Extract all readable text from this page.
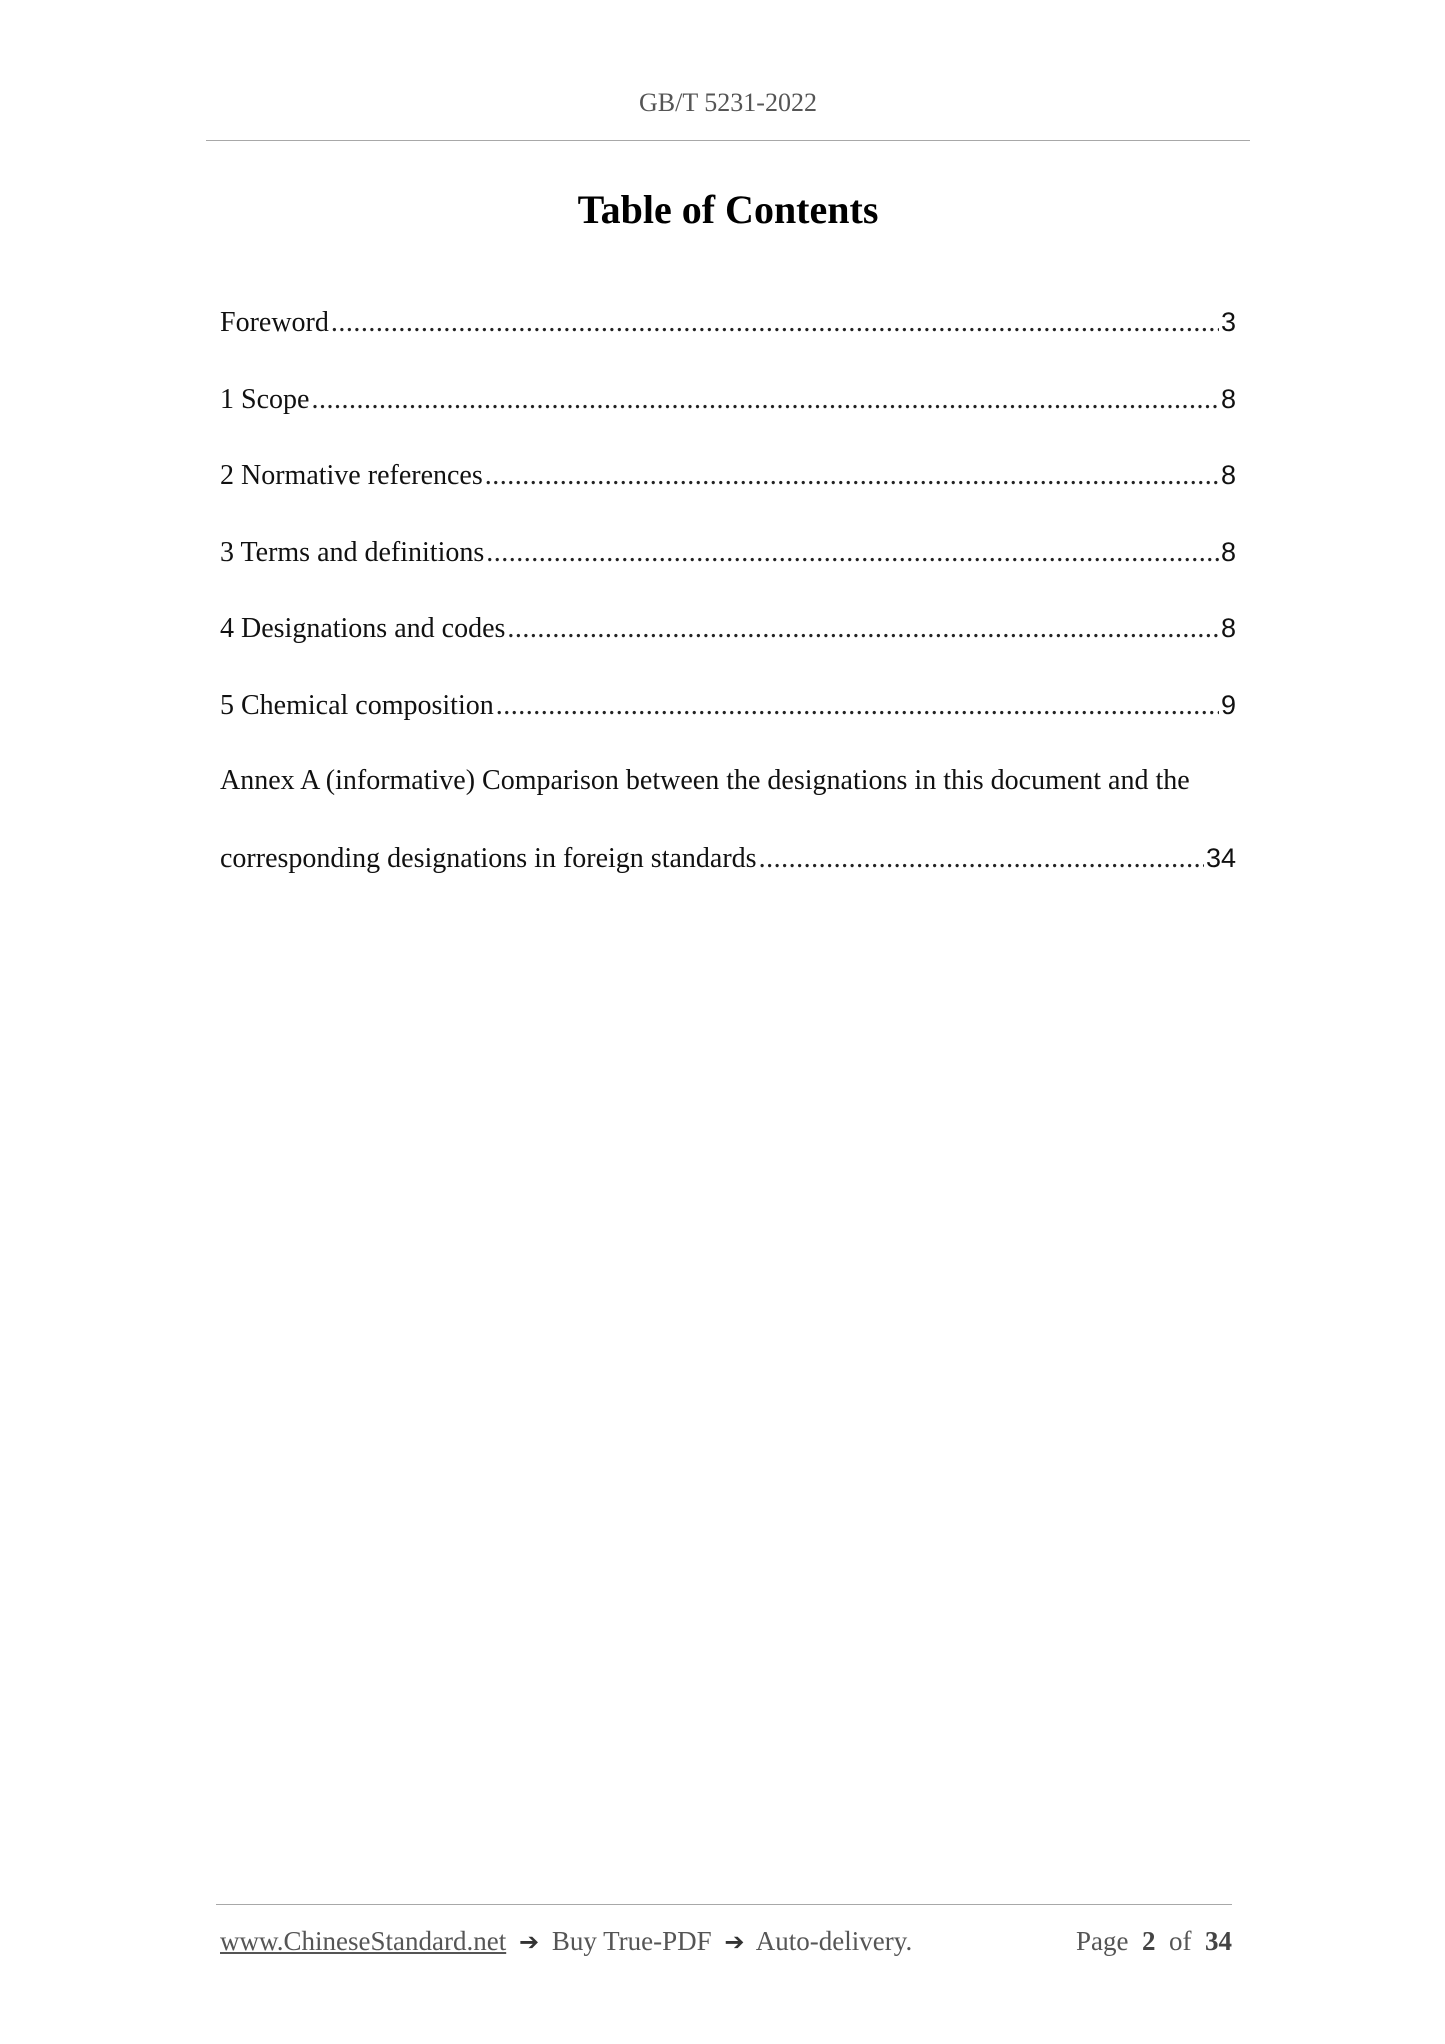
GB/T 5231-2022
Table of Contents
Foreword .....	3
1 Scope .....	8
2 Normative references .....	8
3 Terms and definitions .....	8
4 Designations and codes .....	8
5 Chemical composition .....	9
Annex A (informative) Comparison between the designations in this document and the
corresponding designations in foreign standards .....	34
www.ChineseStandard.net ➔ Buy True-PDF ➔ Auto-delivery.	Page 2 of 34
